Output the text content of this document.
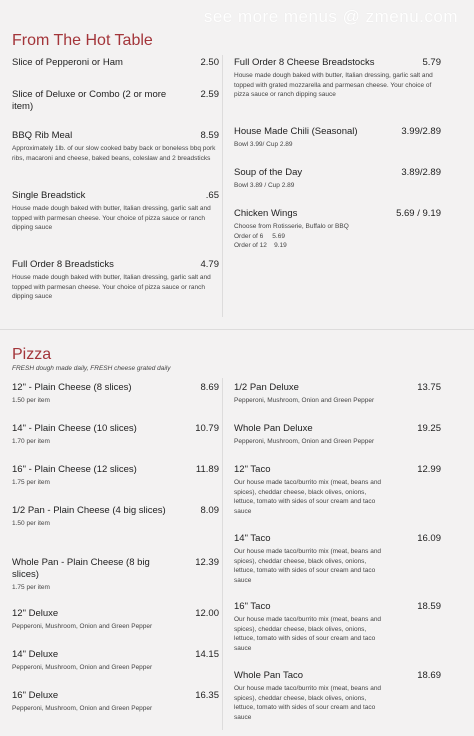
see more menus @ zmenu.com
From The Hot Table
Slice of Pepperoni or Ham	2.50
Slice of Deluxe or Combo (2 or more item)
2.59
BBQ Rib Meal	8.59
Approximately 1lb. of our slow cooked baby back or boneless bbq pork ribs, macaroni and cheese, baked beans, coleslaw and 2 breadsticks
Single Breadstick	.65
House made dough baked with butter, Italian dressing, garlic salt and topped with parmesan cheese. Your choice of pizza sauce or ranch dipping sauce
Full Order 8 Breadsticks	4.79
House made dough baked with butter, Italian dressing, garlic salt and topped with parmesan cheese. Your choice of pizza sauce or ranch dipping sauce
Full Order 8 Cheese Breadstocks	5.79
House made dough baked with butter, Italian dressing, garlic salt and topped with grated mozzarella and parmesan cheese. Your choice of pizza sauce or ranch dipping sauce
House Made Chili (Seasonal)	3.99/2.89
Bowl 3.99/ Cup 2.89
Soup of the Day	3.89/2.89
Bowl 3.89 / Cup 2.89
Chicken Wings	5.69 / 9.19
Choose from Rotisserie, Buffalo or BBQ
Order of 6     5.69
Order of 12    9.19
Pizza
FRESH dough made daily, FRESH cheese grated daily
12" - Plain Cheese (8 slices)	8.69
1.50 per item
14" - Plain Cheese (10 slices)	10.79
1.70 per item
16" - Plain Cheese (12 slices)	11.89
1.75 per item
1/2 Pan - Plain Cheese (4 big slices)	8.09
1.50 per item
Whole Pan - Plain Cheese (8 big slices)
12.39
1.75 per item
12" Deluxe	12.00
Pepperoni, Mushroom, Onion and Green Pepper
14" Deluxe	14.15
Pepperoni, Mushroom, Onion and Green Pepper
16" Deluxe	16.35
Pepperoni, Mushroom, Onion and Green Pepper
1/2 Pan Deluxe	13.75
Pepperoni, Mushroom, Onion and Green Pepper
Whole Pan Deluxe	19.25
Pepperoni, Mushroom, Onion and Green Pepper
12" Taco	12.99
Our house made taco/burrito mix (meat, beans and spices), cheddar cheese, black olives, onions, lettuce, tomato with sides of sour cream and taco sauce
14" Taco	16.09
Our house made taco/burrito mix (meat, beans and spices), cheddar cheese, black olives, onions, lettuce, tomato with sides of sour cream and taco sauce
16" Taco	18.59
Our house made taco/burrito mix (meat, beans and spices), cheddar cheese, black olives, onions, lettuce, tomato with sides of sour cream and taco sauce
Whole Pan Taco	18.69
Our house made taco/burrito mix (meat, beans and spices), cheddar cheese, black olives, onions, lettuce, tomato with sides of sour cream and taco sauce
